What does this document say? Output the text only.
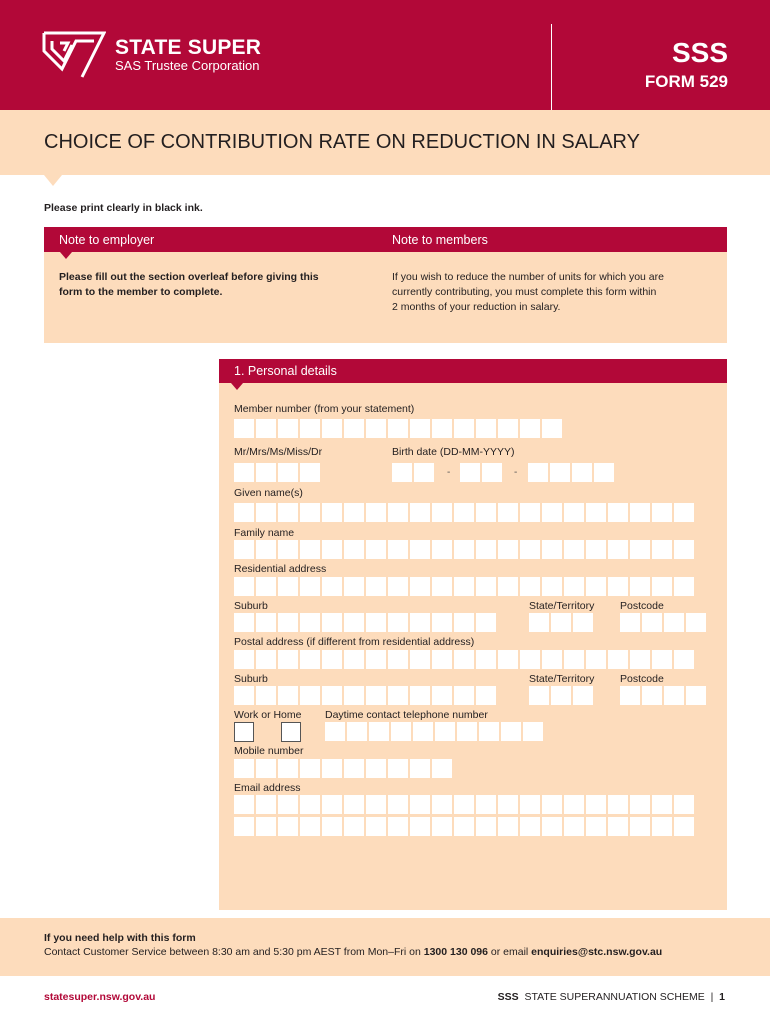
STATE SUPER
SAS Trustee Corporation	SSS
FORM 529
CHOICE OF CONTRIBUTION RATE ON REDUCTION IN SALARY
Please print clearly in black ink.
Note to employer	Note to members
Please fill out the section overleaf before giving this
form to the member to complete.
If you wish to reduce the number of units for which you are
currently contributing, you must complete this form within
2 months of your reduction in salary.
1. Personal details
Member number (from your statement)
Mr/Mrs/Ms/Miss/Dr	Birth date (DD-MM-YYYY)
-	-
Given name(s)
Family name
Residential address
Suburb	State/Territory Postcode
Postal address (if different from residential address)
Suburb	State/Territory Postcode
Work or Home Daytime contact telephone number
Mobile number
Email address
If you need help with this form
Contact Customer Service between 8:30 am and 5:30 pm AEST from Mon–Fri on 1300 130 096 or email enquiries@stc.nsw.gov.au
statesuper.nsw.gov.au	SSS STATE SUPERANNUATION SCHEME | 1
